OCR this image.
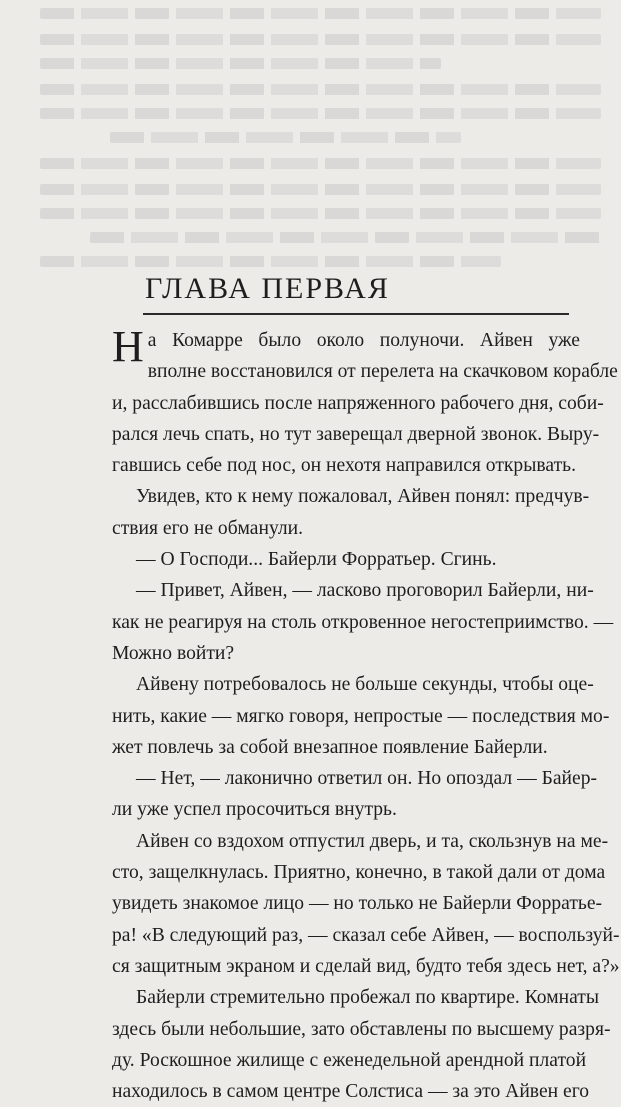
ГЛАВА ПЕРВАЯ

На Комарре было около полуночи. Айвен уже

вполне восстановился от перелета на скачковом корабле

и, расслабившись после напряженного рабочего дня, соби-

рался лечь спать, но тут заверещал дверной звонок. Выру-

гавшись себе под нос, он нехотя направился открывать.

Увидев, кто к нему пожаловал, Айвен понял: предчув-

ствия его не обманули.

— О Господи... Байерли Форратьер. Сгинь.

— Привет, Айвен, — ласково проговорил Байерли, ни-

как не реагируя на столь откровенное негостеприимство. —

Можно войти?

Айвену потребовалось не больше секунды, чтобы оце-

нить, какие — мягко говоря, непростые — последствия мо-

жет повлечь за собой внезапное появление Байерли.

— Нет, — лаконично ответил он. Но опоздал — Байер-

ли уже успел просочиться внутрь.

Айвен со вздохом отпустил дверь, и та, скользнув на ме-

сто, защелкнулась. Приятно, конечно, в такой дали от дома

увидеть знакомое лицо — но только не Байерли Форратье-

ра! «В следующий раз, — сказал себе Айвен, — воспользуй-

ся защитным экраном и сделай вид, будто тебя здесь нет, а?»

Байерли стремительно пробежал по квартире. Комнаты

здесь были небольшие, зато обставлены по высшему разря-

ду. Роскошное жилище с еженедельной арендной платой

находилось в самом центре Солстиса — за это Айвен его
